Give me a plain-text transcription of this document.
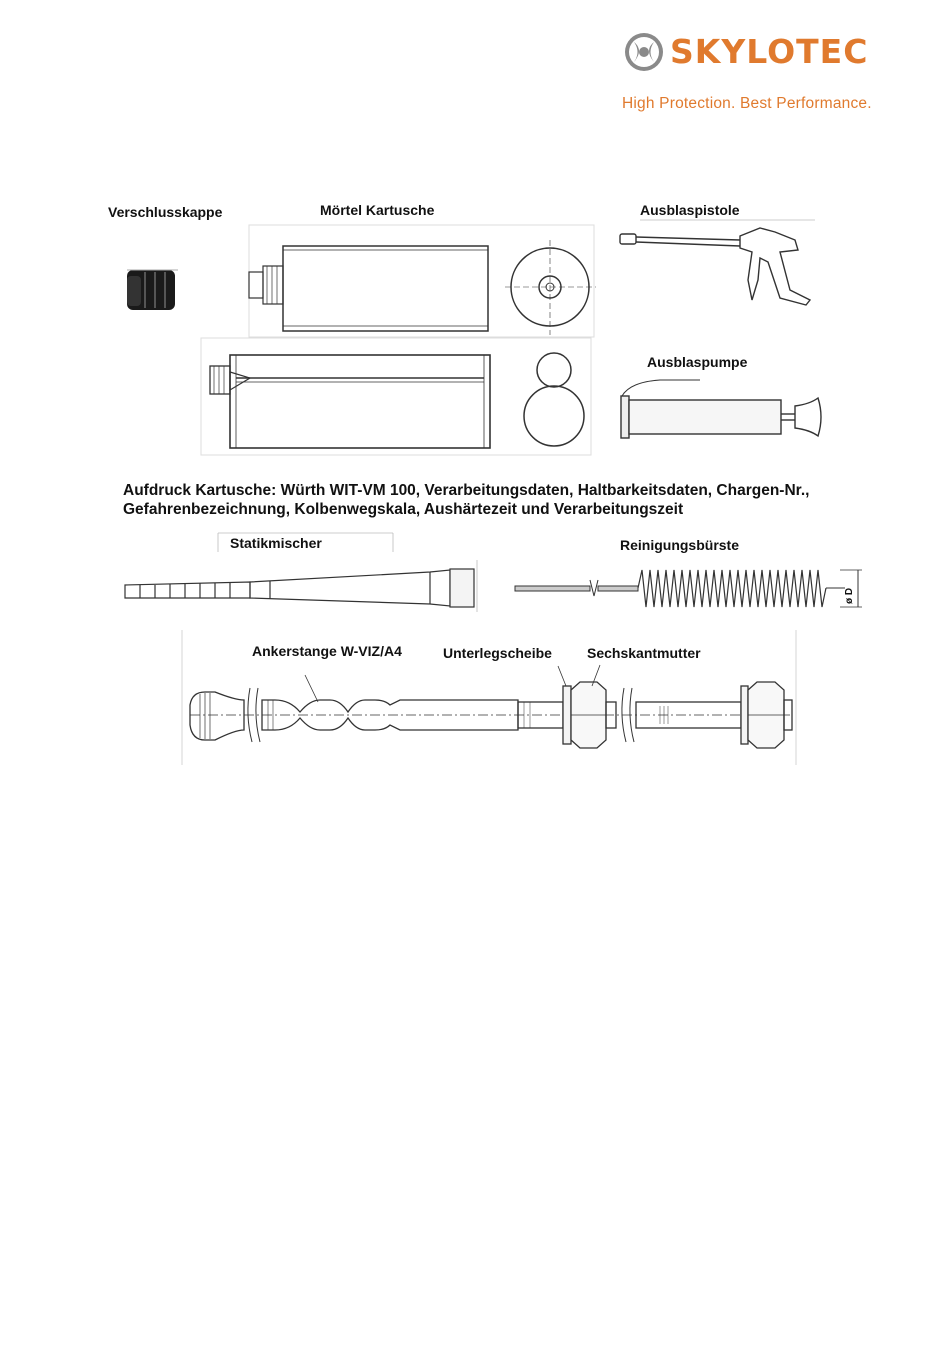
SKYLOTEC
High Protection. Best Performance.
Verschlusskappe	Mörtel Kartusche	Ausblaspistole
Ausblaspumpe
Aufdruck Kartusche: Würth WIT-VM 100, Verarbeitungsdaten, Haltbarkeitsdaten, Chargen-Nr.,
Gefahrenbezeichnung, Kolbenwegskala, Aushärtezeit und Verarbeitungszeit
Statikmischer	Reinigungsbürste
Ankerstange W-VIZ/A4	Unterlegscheibe	Sechskantmutter
ø D
